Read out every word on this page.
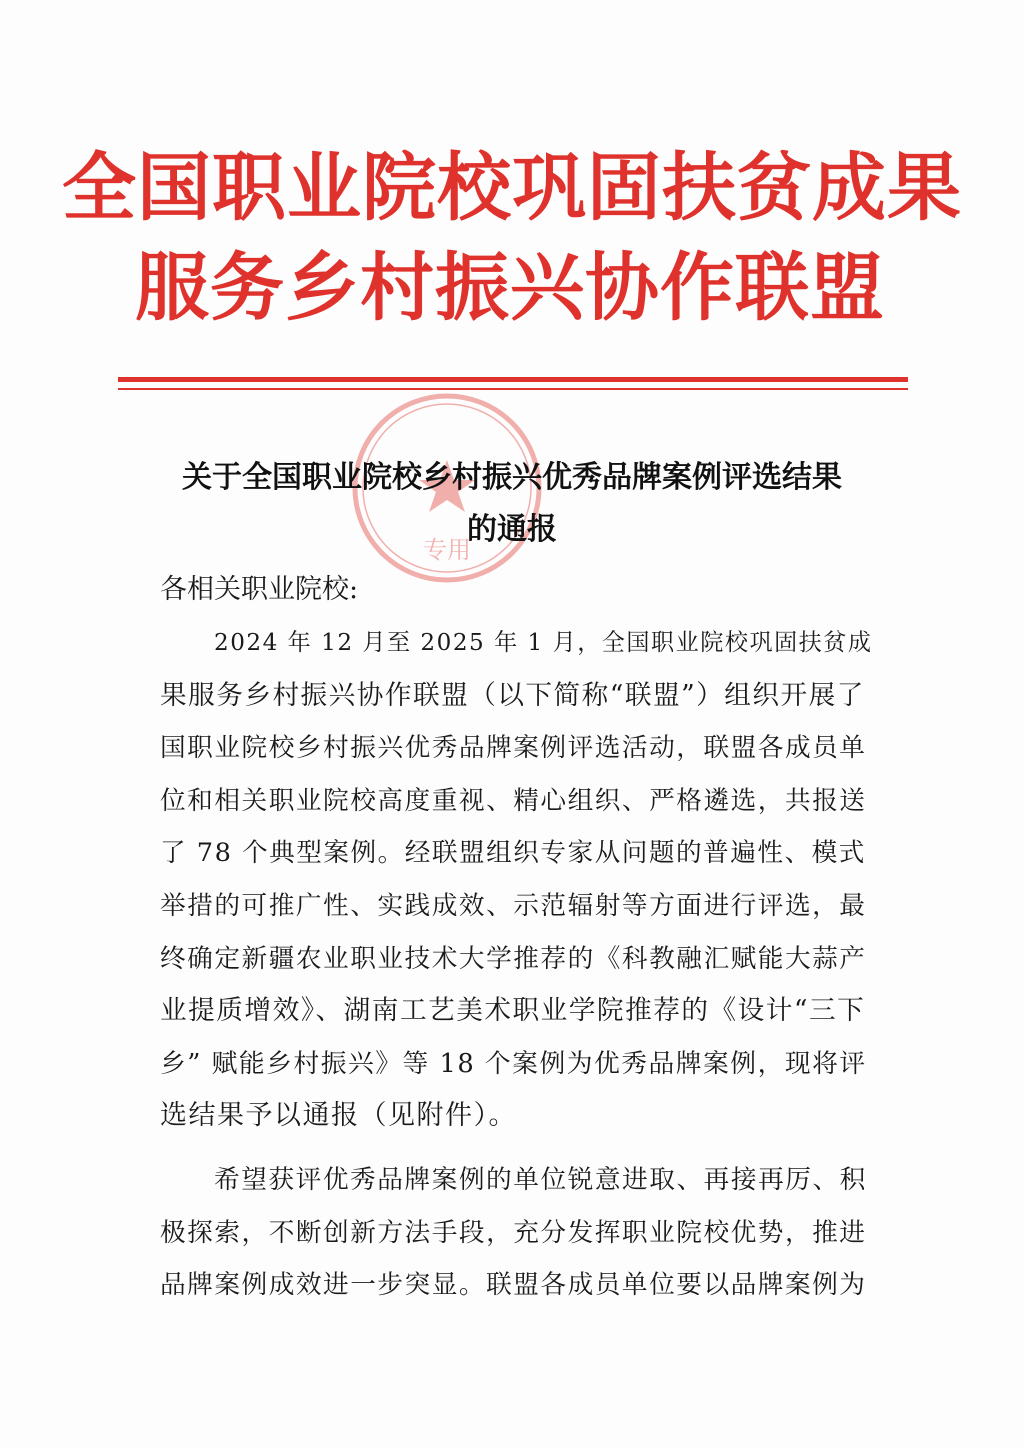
全国职业院校巩固扶贫成果
服务乡村振兴协作联盟
专用
关于全国职业院校乡村振兴优秀品牌案例评选结果
的通报
各相关职业院校:
2024 年 12 月至 2025 年 1 月，全国职业院校巩固扶贫成
果服务乡村振兴协作联盟（以下简称“联盟”）组织开展了
国职业院校乡村振兴优秀品牌案例评选活动，联盟各成员单
位和相关职业院校高度重视、精心组织、严格遴选，共报送
了 78 个典型案例。经联盟组织专家从问题的普遍性、模式
举措的可推广性、实践成效、示范辐射等方面进行评选，最
终确定新疆农业职业技术大学推荐的《科教融汇赋能大蒜产
业提质增效》、湖南工艺美术职业学院推荐的《设计“三下
乡” 赋能乡村振兴》等 18 个案例为优秀品牌案例，现将评
选结果予以通报（见附件）。
希望获评优秀品牌案例的单位锐意进取、再接再厉、积
极探索，不断创新方法手段，充分发挥职业院校优势，推进
品牌案例成效进一步突显。联盟各成员单位要以品牌案例为
